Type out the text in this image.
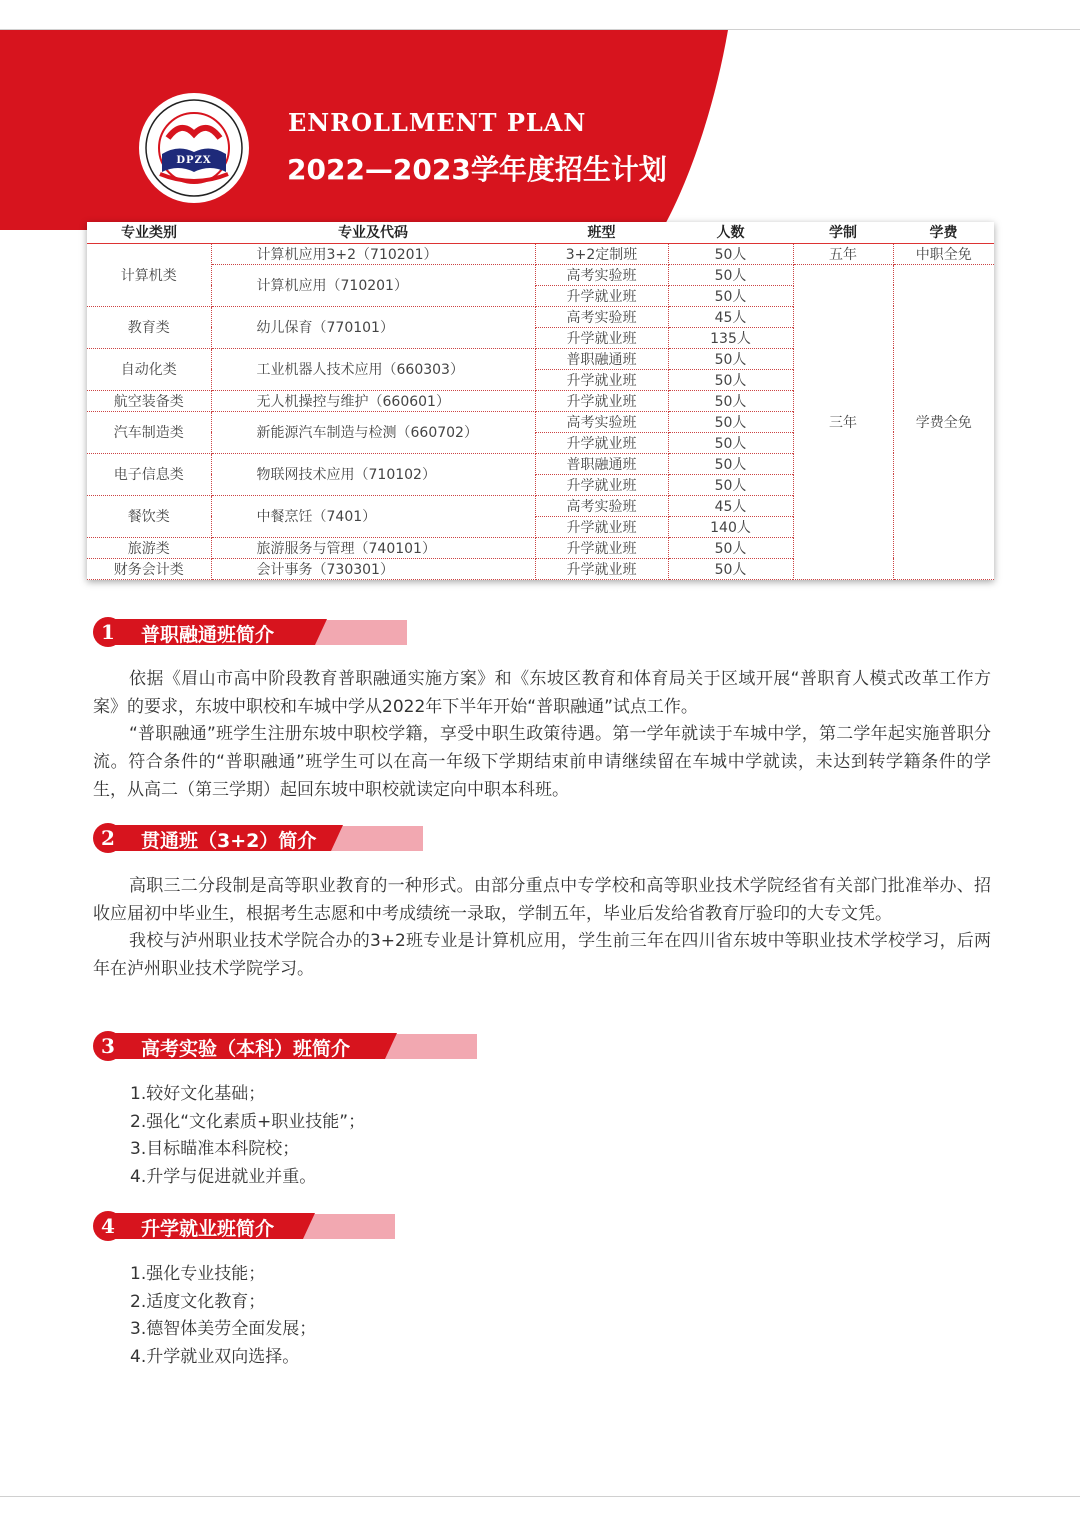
DPZX
ENROLLMENT PLAN
2022—2023学年度招生计划
专业类别	专业及代码	班型	人数	学制	学费
计算机类	计算机应用3+2（710201）	3+2定制班	50人	五年	中职全免
	计算机应用（710201）	高考实验班	50人	三年	学费全免
		升学就业班	50人		
教育类	幼儿保育（770101）	高考实验班	45人		
		升学就业班	135人		
自动化类	工业机器人技术应用（660303）	普职融通班	50人		
		升学就业班	50人		
航空装备类	无人机操控与维护（660601）	升学就业班	50人		
汽车制造类	新能源汽车制造与检测（660702）	高考实验班	50人		
		升学就业班	50人		
电子信息类	物联网技术应用（710102）	普职融通班	50人		
		升学就业班	50人		
餐饮类	中餐烹饪（7401）	高考实验班	45人		
		升学就业班	140人		
旅游类	旅游服务与管理（740101）	升学就业班	50人		
财务会计类	会计事务（730301）	升学就业班	50人		
1	普职融通班简介

依据《眉山市高中阶段教育普职融通实施方案》和《东坡区教育和体育局关于区域开展“普职育人模式改革工作方案》的要求，东坡中职校和车城中学从2022年下半年开始“普职融通”试点工作。

“普职融通”班学生注册东坡中职校学籍，享受中职生政策待遇。第一学年就读于车城中学，第二学年起实施普职分流。符合条件的“普职融通”班学生可以在高一年级下学期结束前申请继续留在车城中学就读，未达到转学籍条件的学生，从高二（第三学期）起回东坡中职校就读定向中职本科班。

2	贯通班（3+2）简介

高职三二分段制是高等职业教育的一种形式。由部分重点中专学校和高等职业技术学院经省有关部门批准举办、招收应届初中毕业生，根据考生志愿和中考成绩统一录取，学制五年，毕业后发给省教育厅验印的大专文凭。

我校与泸州职业技术学院合办的3+2班专业是计算机应用，学生前三年在四川省东坡中等职业技术学校学习，后两年在泸州职业技术学院学习。

3	高考实验（本科）班简介
1.较好文化基础；
2.强化“文化素质+职业技能”；
3.目标瞄准本科院校；
4.升学与促进就业并重。
4	升学就业班简介
1.强化专业技能；
2.适度文化教育；
3.德智体美劳全面发展；
4.升学就业双向选择。
